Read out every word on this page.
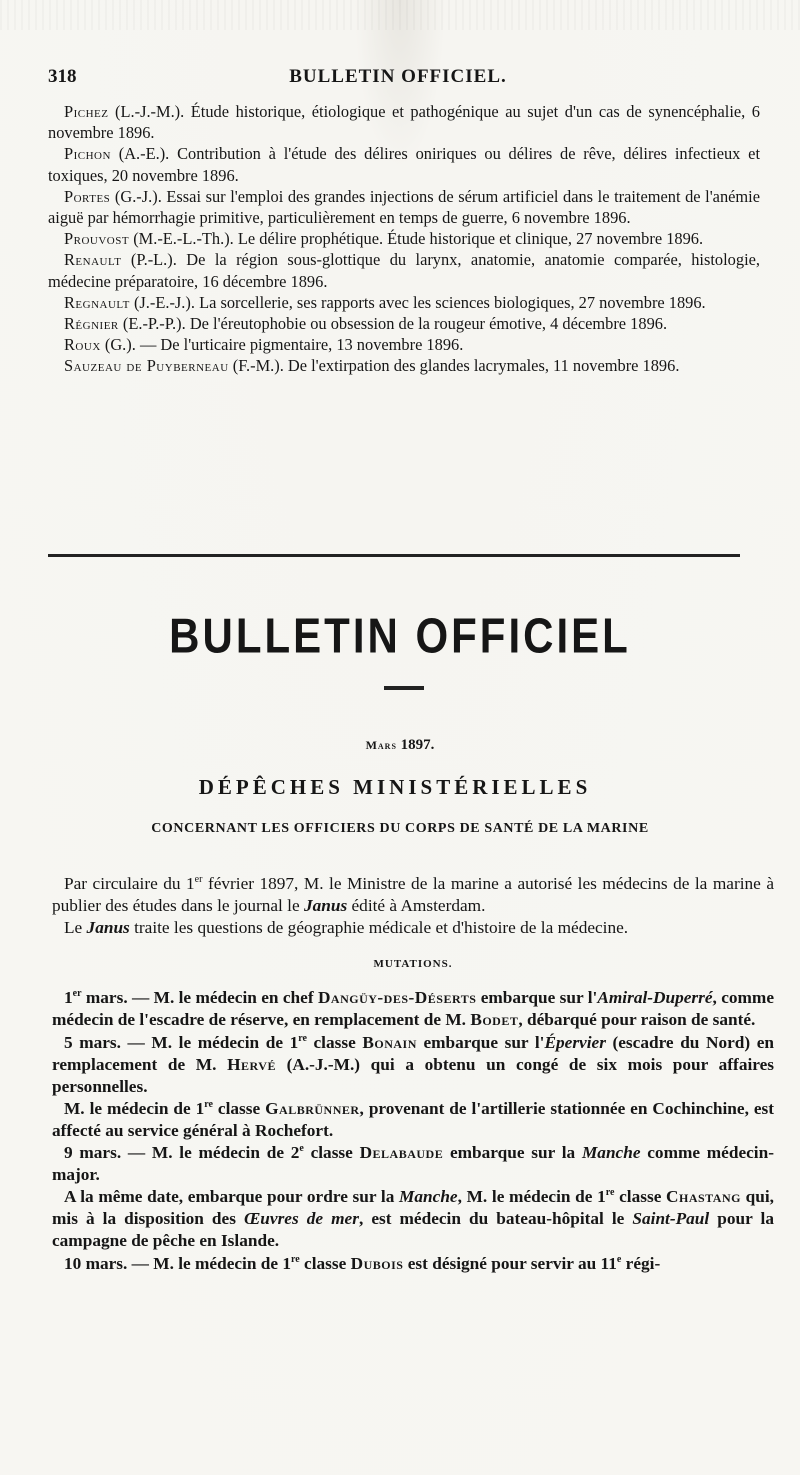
318	BULLETIN OFFICIEL.

Pichez (L.-J.-M.). Étude historique, étiologique et pathogénique au sujet d'un cas de synencéphalie, 6 novembre 1896.

Pichon (A.-E.). Contribution à l'étude des délires oniriques ou délires de rêve, délires infectieux et toxiques, 20 novembre 1896.

Portes (G.-J.). Essai sur l'emploi des grandes injections de sérum artificiel dans le traitement de l'anémie aiguë par hémorrhagie primitive, particulièrement en temps de guerre, 6 novembre 1896.

Prouvost (M.-E.-L.-Th.). Le délire prophétique. Étude historique et clinique, 27 novembre 1896.

Renault (P.-L.). De la région sous-glottique du larynx, anatomie, anatomie comparée, histologie, médecine préparatoire, 16 décembre 1896.

Regnault (J.-E.-J.). La sorcellerie, ses rapports avec les sciences biologiques, 27 novembre 1896.

Régnier (E.-P.-P.). De l'éreutophobie ou obsession de la rougeur émotive, 4 décembre 1896.

Roux (G.). — De l'urticaire pigmentaire, 13 novembre 1896.

Sauzeau de Puyberneau (F.-M.). De l'extirpation des glandes lacrymales, 11 novembre 1896.

BULLETIN OFFICIEL
Mars 1897.
DÉPÊCHES MINISTÉRIELLES
CONCERNANT LES OFFICIERS DU CORPS DE SANTÉ DE LA MARINE

Par circulaire du 1er février 1897, M. le Ministre de la marine a autorisé les médecins de la marine à publier des études dans le journal le Janus édité à Amsterdam.

Le Janus traite les questions de géographie médicale et d'histoire de la médecine.

MUTATIONS.

1er mars. — M. le médecin en chef Dangüy-des-Déserts embarque sur l'Amiral-Duperré, comme médecin de l'escadre de réserve, en remplacement de M. Bodet, débarqué pour raison de santé.

5 mars. — M. le médecin de 1re classe Bonain embarque sur l'Épervier (escadre du Nord) en remplacement de M. Hervé (A.-J.-M.) qui a obtenu un congé de six mois pour affaires personnelles.

M. le médecin de 1re classe Galbrünner, provenant de l'artillerie stationnée en Cochinchine, est affecté au service général à Rochefort.

9 mars. — M. le médecin de 2e classe Delabaude embarque sur la Manche comme médecin-major.

A la même date, embarque pour ordre sur la Manche, M. le médecin de 1re classe Chastang qui, mis à la disposition des Œuvres de mer, est médecin du bateau-hôpital le Saint-Paul pour la campagne de pêche en Islande.

10 mars. — M. le médecin de 1re classe Dubois est désigné pour servir au 11e régi-
